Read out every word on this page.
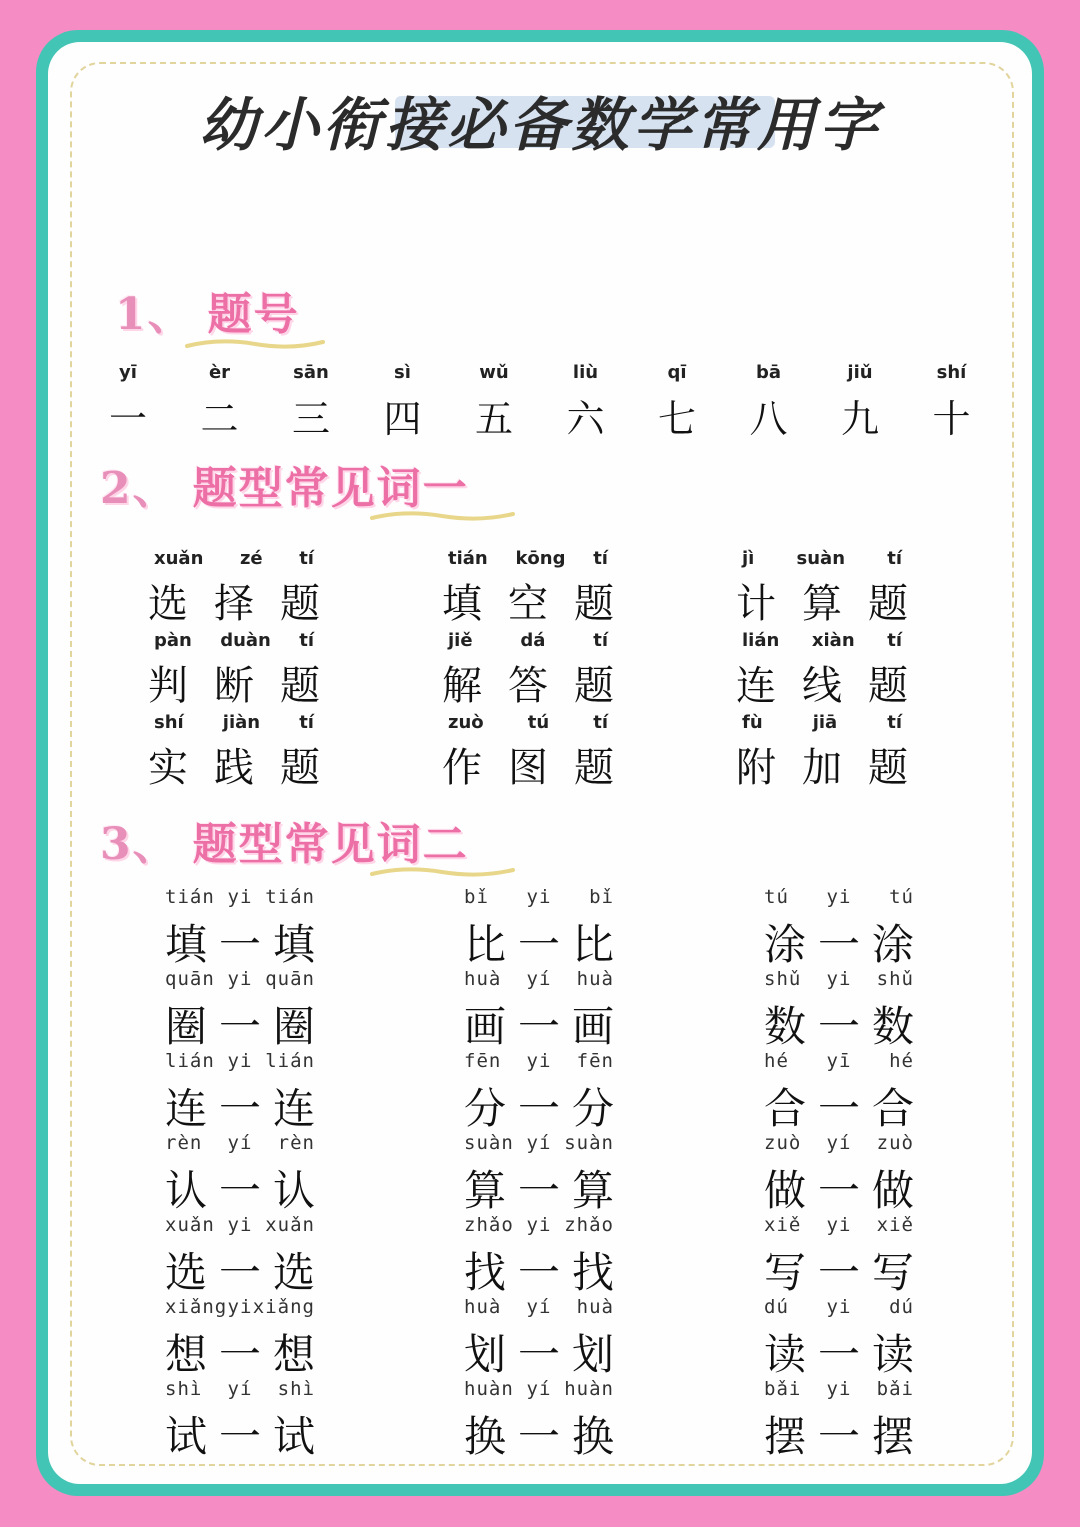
幼小衔接必备数学常用字
1、 题号
yī
一
èr
二
sān
三
sì
四
wǔ
五
liù
六
qī
七
bā
八
jiǔ
九
shí
十
2、 题型常见词一
xuǎn zé tí
选 择 题
tián kōng tí
填 空 题
jì suàn tí
计 算 题
pàn duàn tí
判 断 题
jiě	dá	tí
解 答 题
lián xiàn tí
连 线 题
shí jiàn tí
实 践 题
zuò tú tí
作 图 题
fù	jiā	tí
附 加 题
3、 题型常见词二
tián yi tián
填 一 填
bǐ yi bǐ
比 一 比
tú yi tú
涂 一 涂
quān yi quān
圈 一 圈
huà yí huà
画 一 画
shǔ yi shǔ
数 一 数
lián yi lián
连 一 连
fēn yi fēn
分 一 分
hé yī hé
合 一 合
rèn yí rèn
认 一 认
suàn yí suàn
算 一 算
zuò yí zuò
做 一 做
xuǎn yi xuǎn
选 一 选
zhǎo yi zhǎo
找 一 找
xiě yi xiě
写 一 写
xiǎng yi xiǎng
想 一 想
huà yí huà
划 一 划
dú yi dú
读 一 读
shì yí shì
试 一 试
huàn yí huàn
换 一 换
bǎi yi bǎi
摆 一 摆
